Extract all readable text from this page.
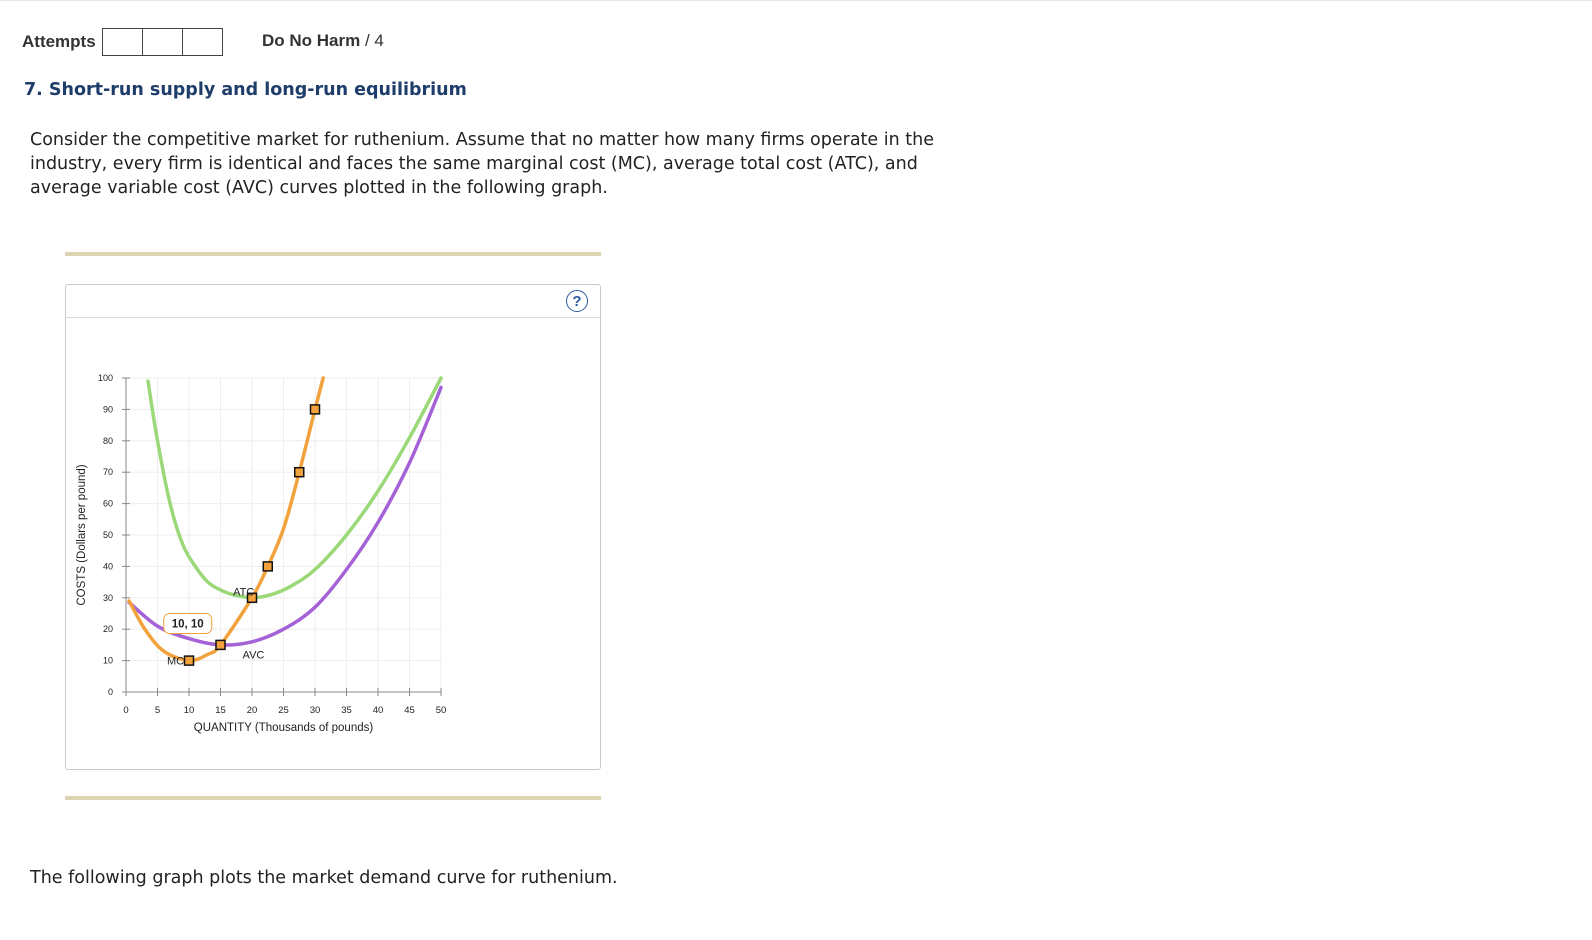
Attempts	Do No Harm / 4
7. Short-run supply and long-run equilibrium
Consider the competitive market for ruthenium. Assume that no matter how many firms operate in the industry, every firm is identical and faces the same marginal cost (MC), average total cost (ATC), and average variable cost (AVC) curves plotted in the following graph.
?
0	5 10 15 20 25 30 35 40 45 50
0
10
20
30
40
50
60
70
80
90
100
QUANTITY (Thousands of pounds)
COSTS (Dollars per pound)	ATC
AVC
MC
10, 10
The following graph plots the market demand curve for ruthenium.
